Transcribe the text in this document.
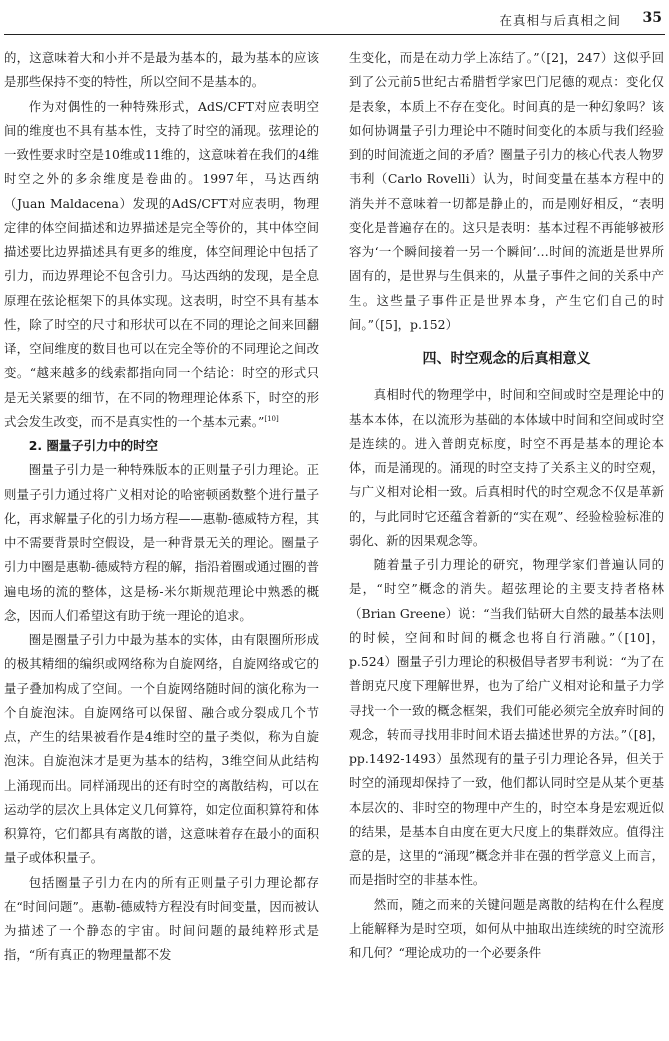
在真相与后真相之间 35

的，这意味着大和小并不是最为基本的，最为基本的应该是那些保持不变的特性，所以空间不是基本的。

作为对偶性的一种特殊形式，AdS/CFT对应表明空间的维度也不具有基本性，支持了时空的涌现。弦理论的一致性要求时空是10维或11维的，这意味着在我们的4维时空之外的多余维度是卷曲的。1997年，马达西纳（Juan Maldacena）发现的AdS/CFT对应表明，物理定律的体空间描述和边界描述是完全等价的，其中体空间描述要比边界描述具有更多的维度，体空间理论中包括了引力，而边界理论不包含引力。马达西纳的发现，是全息原理在弦论框架下的具体实现。这表明，时空不具有基本性，除了时空的尺寸和形状可以在不同的理论之间来回翻译，空间维度的数目也可以在完全等价的不同理论之间改变。“越来越多的线索都指向同一个结论：时空的形式只是无关紧要的细节，在不同的物理理论体系下，时空的形式会发生改变，而不是真实性的一个基本元素。”[10]

2. 圈量子引力中的时空

圈量子引力是一种特殊版本的正则量子引力理论。正则量子引力通过将广义相对论的哈密顿函数整个进行量子化，再求解量子化的引力场方程——惠勒-德威特方程，其中不需要背景时空假设，是一种背景无关的理论。圈量子引力中圈是惠勒-德威特方程的解，指沿着圈或通过圈的普遍电场的流的整体，这是杨-米尔斯规范理论中熟悉的概念，因而人们希望这有助于统一理论的追求。

圈是圈量子引力中最为基本的实体，由有限圈所形成的极其精细的编织或网络称为自旋网络，自旋网络或它的量子叠加构成了空间。一个自旋网络随时间的演化称为一个自旋泡沫。自旋网络可以保留、融合或分裂成几个节点，产生的结果被看作是4维时空的量子类似，称为自旋泡沫。自旋泡沫才是更为基本的结构，3维空间从此结构上涌现而出。同样涌现出的还有时空的离散结构，可以在运动学的层次上具体定义几何算符，如定位面积算符和体积算符，它们都具有离散的谱，这意味着存在最小的面积量子或体积量子。

包括圈量子引力在内的所有正则量子引力理论都存在“时间问题”。惠勒-德威特方程没有时间变量，因而被认为描述了一个静态的宇宙。时间问题的最纯粹形式是指，“所有真正的物理量都不发

生变化，而是在动力学上冻结了。”（[2]，247）这似乎回到了公元前5世纪古希腊哲学家巴门尼德的观点：变化仅是表象，本质上不存在变化。时间真的是一种幻象吗？该如何协调量子引力理论中不随时间变化的本质与我们经验到的时间流逝之间的矛盾？圈量子引力的核心代表人物罗韦利（Carlo Rovelli）认为，时间变量在基本方程中的消失并不意味着一切都是静止的，而是刚好相反，“表明变化是普遍存在的。这只是表明：基本过程不再能够被形容为‘一个瞬间接着一另一个瞬间’…时间的流逝是世界所固有的，是世界与生俱来的，从量子事件之间的关系中产生。这些量子事件正是世界本身，产生它们自己的时间。”（[5]，p.152）

四、时空观念的后真相意义

真相时代的物理学中，时间和空间或时空是理论中的基本本体，在以流形为基础的本体域中时间和空间或时空是连续的。进入普朗克标度，时空不再是基本的理论本体，而是涌现的。涌现的时空支持了关系主义的时空观，与广义相对论相一致。后真相时代的时空观念不仅是革新的，与此同时它还蕴含着新的“实在观”、经验检验标准的弱化、新的因果观念等。

随着量子引力理论的研究，物理学家们普遍认同的是，“时空”概念的消失。超弦理论的主要支持者格林（Brian Greene）说：“当我们钻研大自然的最基本法则的时候，空间和时间的概念也将自行消融。”（[10]，p.524）圈量子引力理论的积极倡导者罗韦利说：“为了在普朗克尺度下理解世界，也为了给广义相对论和量子力学寻找一个一致的概念框架，我们可能必须完全放弃时间的观念，转而寻找用非时间术语去描述世界的方法。”（[8]，pp.1492-1493）虽然现有的量子引力理论各异，但关于时空的涌现却保持了一致，他们都认同时空是从某个更基本层次的、非时空的物理中产生的，时空本身是宏观近似的结果，是基本自由度在更大尺度上的集群效应。值得注意的是，这里的“涌现”概念并非在强的哲学意义上而言，而是指时空的非基本性。

然而，随之而来的关键问题是离散的结构在什么程度上能解释为是时空项，如何从中抽取出连续统的时空流形和几何？“理论成功的一个必要条件
